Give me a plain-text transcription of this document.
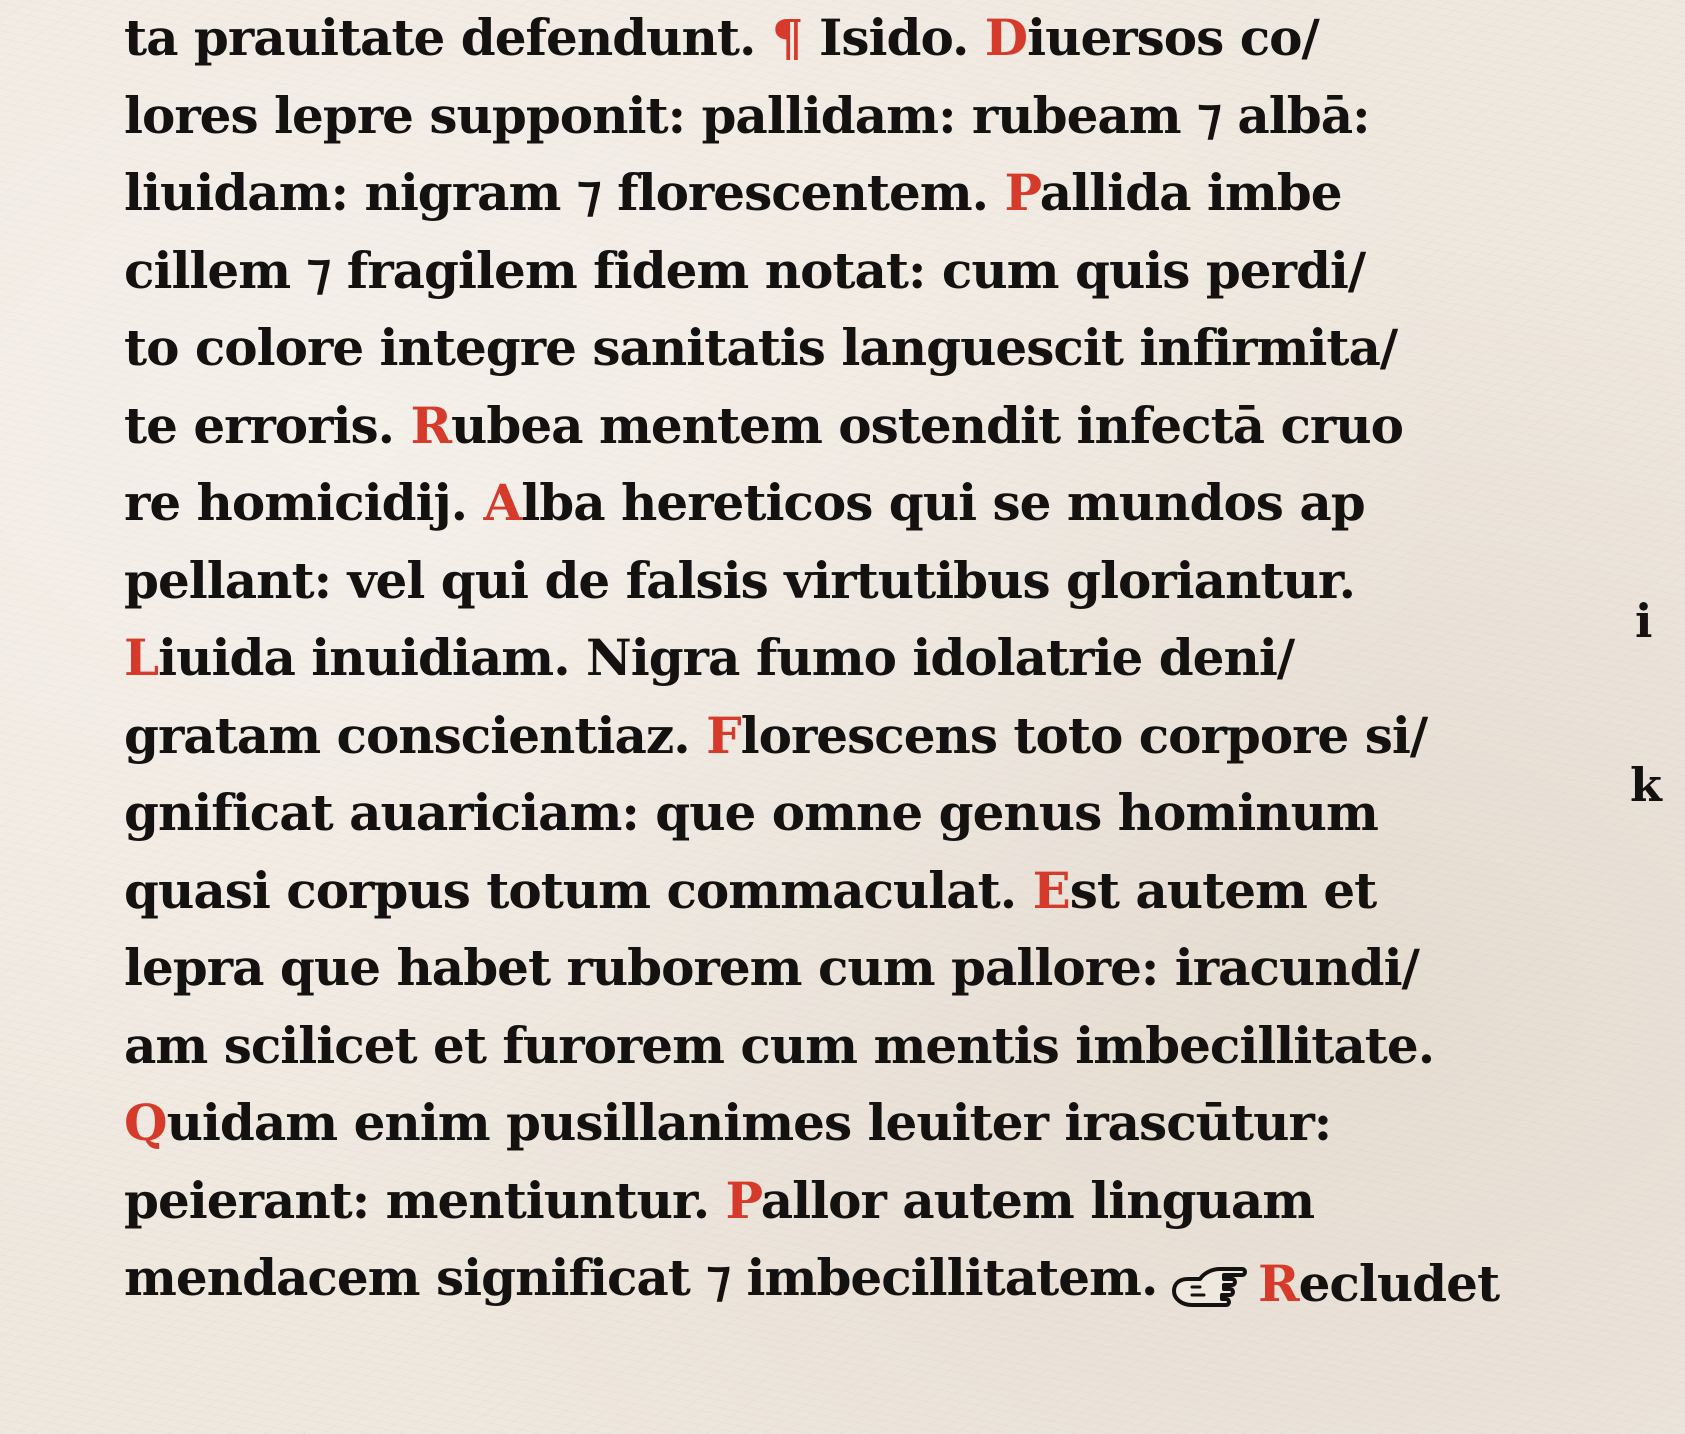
ta prauitate defendunt. ¶ Isido. Diuersos co/
lores lepre supponit: pallidam: rubeam ⁊ albā:
liuidam: nigram ⁊ florescentem. Pallida imbe
cillem ⁊ fragilem fidem notat: cum quis perdi/
to colore integre sanitatis languescit infirmita/
te erroris. Rubea mentem ostendit infectā cruo
re homicidij. Alba hereticos qui se mundos ap
pellant: vel qui de falsis virtutibus gloriantur.
Liuida inuidiam. Nigra fumo idolatrie deni/
gratam conscientiaz. Florescens toto corpore si/
gnificat auariciam: que omne genus hominum
quasi corpus totum commaculat. Est autem et
lepra que habet ruborem cum pallore: iracundi/
am scilicet et furorem cum mentis imbecillitate.
Quidam enim pusillanimes leuiter irascūtur:
peierant: mentiuntur. Pallor autem linguam
mendacem significat ⁊ imbecillitatem.
i
k
Recludet
